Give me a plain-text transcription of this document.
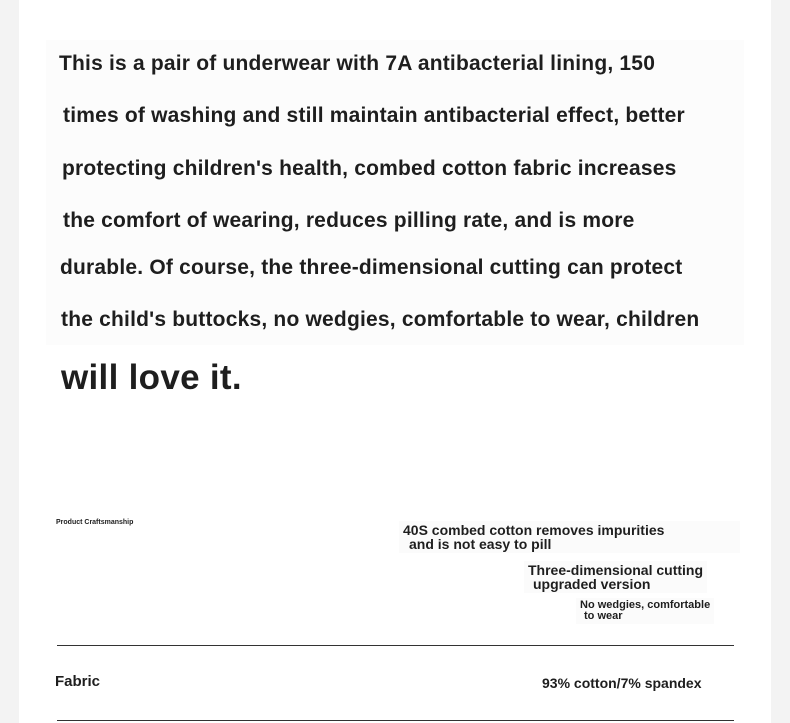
This is a pair of underwear with 7A antibacterial lining, 150
times of washing and still maintain antibacterial effect, better
protecting children's health, combed cotton fabric increases
the comfort of wearing, reduces pilling rate, and is more
durable. Of course, the three-dimensional cutting can protect
the child's buttocks, no wedgies, comfortable to wear, children
will love it.
Product Craftsmanship	40S combed cotton removes impurities
and is not easy to pill
Three-dimensional cutting
upgraded version
No wedgies, comfortable
to wear
Fabric	93% cotton/7% spandex
